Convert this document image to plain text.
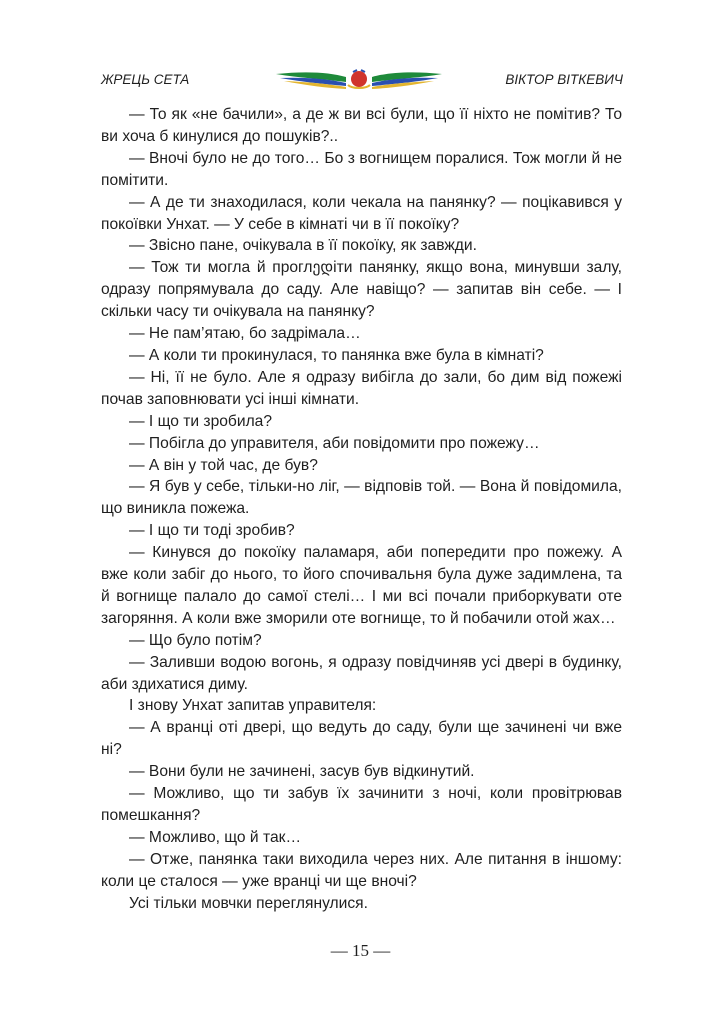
ЖРЕЦЬ СЕТА	ВІКТОР ВІТКЕВИЧ

— То як «не бачили», а де ж ви всі були, що її ніхто не помітив? То ви хоча б кинулися до пошуків?..

— Вночі було не до того… Бо з вогнищем поралися. Тож могли й не помітити.

— А де ти знаходилася, коли чекала на панянку? — поцікавився у покоївки Унхат. — У себе в кімнаті чи в її покоїку?

— Звісно пане, очікувала в її покоїку, як завжди.

— Тож ти могла й проглედіти панянку, якщо вона, минувши залу, одразу попрямувала до саду. Але навіщо? — запитав він себе. — І скільки часу ти очікувала на панянку?

— Не пам’ятаю, бо задрімала…

— А коли ти прокинулася, то панянка вже була в кімнаті?

— Ні, її не було. Але я одразу вибігла до зали, бо дим від пожежі почав заповнювати усі інші кімнати.

— І що ти зробила?

— Побігла до управителя, аби повідомити про пожежу…

— А він у той час, де був?

— Я був у себе, тільки-но ліг, — відповів той. — Вона й повідомила, що виникла пожежа.

— І що ти тоді зробив?

— Кинувся до покоїку паламаря, аби попередити про пожежу. А вже коли забіг до нього, то його спочивальня була дуже задимлена, та й вогнище палало до самої стелі… І ми всі почали приборкувати оте загоряння. А коли вже зморили оте вогнище, то й побачили отой жах…

— Що було потім?

— Заливши водою вогонь, я одразу повідчиняв усі двері в будинку, аби здихатися диму.

І знову Унхат запитав управителя:

— А вранці оті двері, що ведуть до саду, були ще зачинені чи вже ні?

— Вони були не зачинені, засув був відкинутий.

— Можливо, що ти забув їх зачинити з ночі, коли провітрював помешкання?

— Можливо, що й так…

— Отже, панянка таки виходила через них. Але питання в іншому: коли це сталося — уже вранці чи ще вночі?

Усі тільки мовчки переглянулися.

— 15 —
